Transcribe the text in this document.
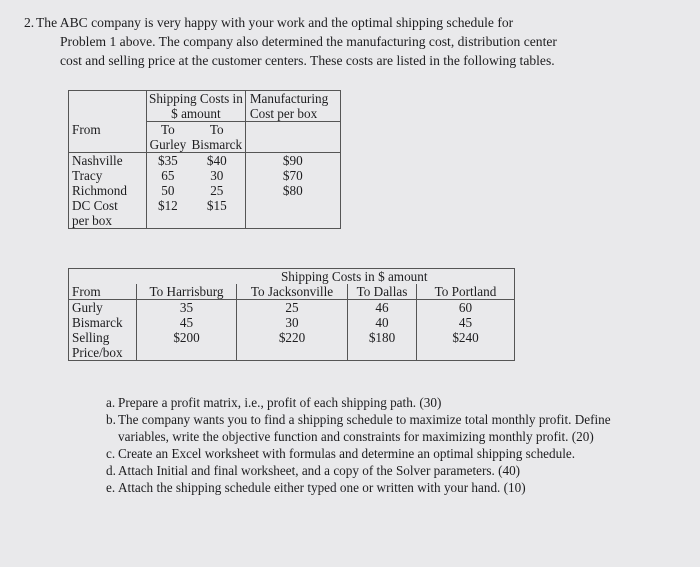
2. The ABC company is very happy with your work and the optimal shipping schedule for
Problem 1 above. The company also determined the manufacturing cost, distribution center
cost and selling price at the customer centers. These costs are listed in the following tables.
	Shipping Costs in		Manufacturing
	$ amount		Cost per box
From	To	To	
	Gurley	Bismarck	
Nashville	$35	$40	$90
Tracy	65	30	$70
Richmond	50	25	$80
DC Cost	$12	$15	
per box			
	Shipping Costs in $ amount			
From	To Harrisburg	To Jacksonville	To Dallas	To Portland
Gurly	35	25	46	60
Bismarck	45	30	40	45
Selling	$200	$220	$180	$240
Price/box				
a. Prepare a profit matrix, i.e., profit of each shipping path. (30)
b. The company wants you to find a shipping schedule to maximize total monthly profit. Define variables, write the objective function and constraints for maximizing monthly profit. (20)
c. Create an Excel worksheet with formulas and determine an optimal shipping schedule.
d. Attach Initial and final worksheet, and a copy of the Solver parameters. (40)
e. Attach the shipping schedule either typed one or written with your hand. (10)
